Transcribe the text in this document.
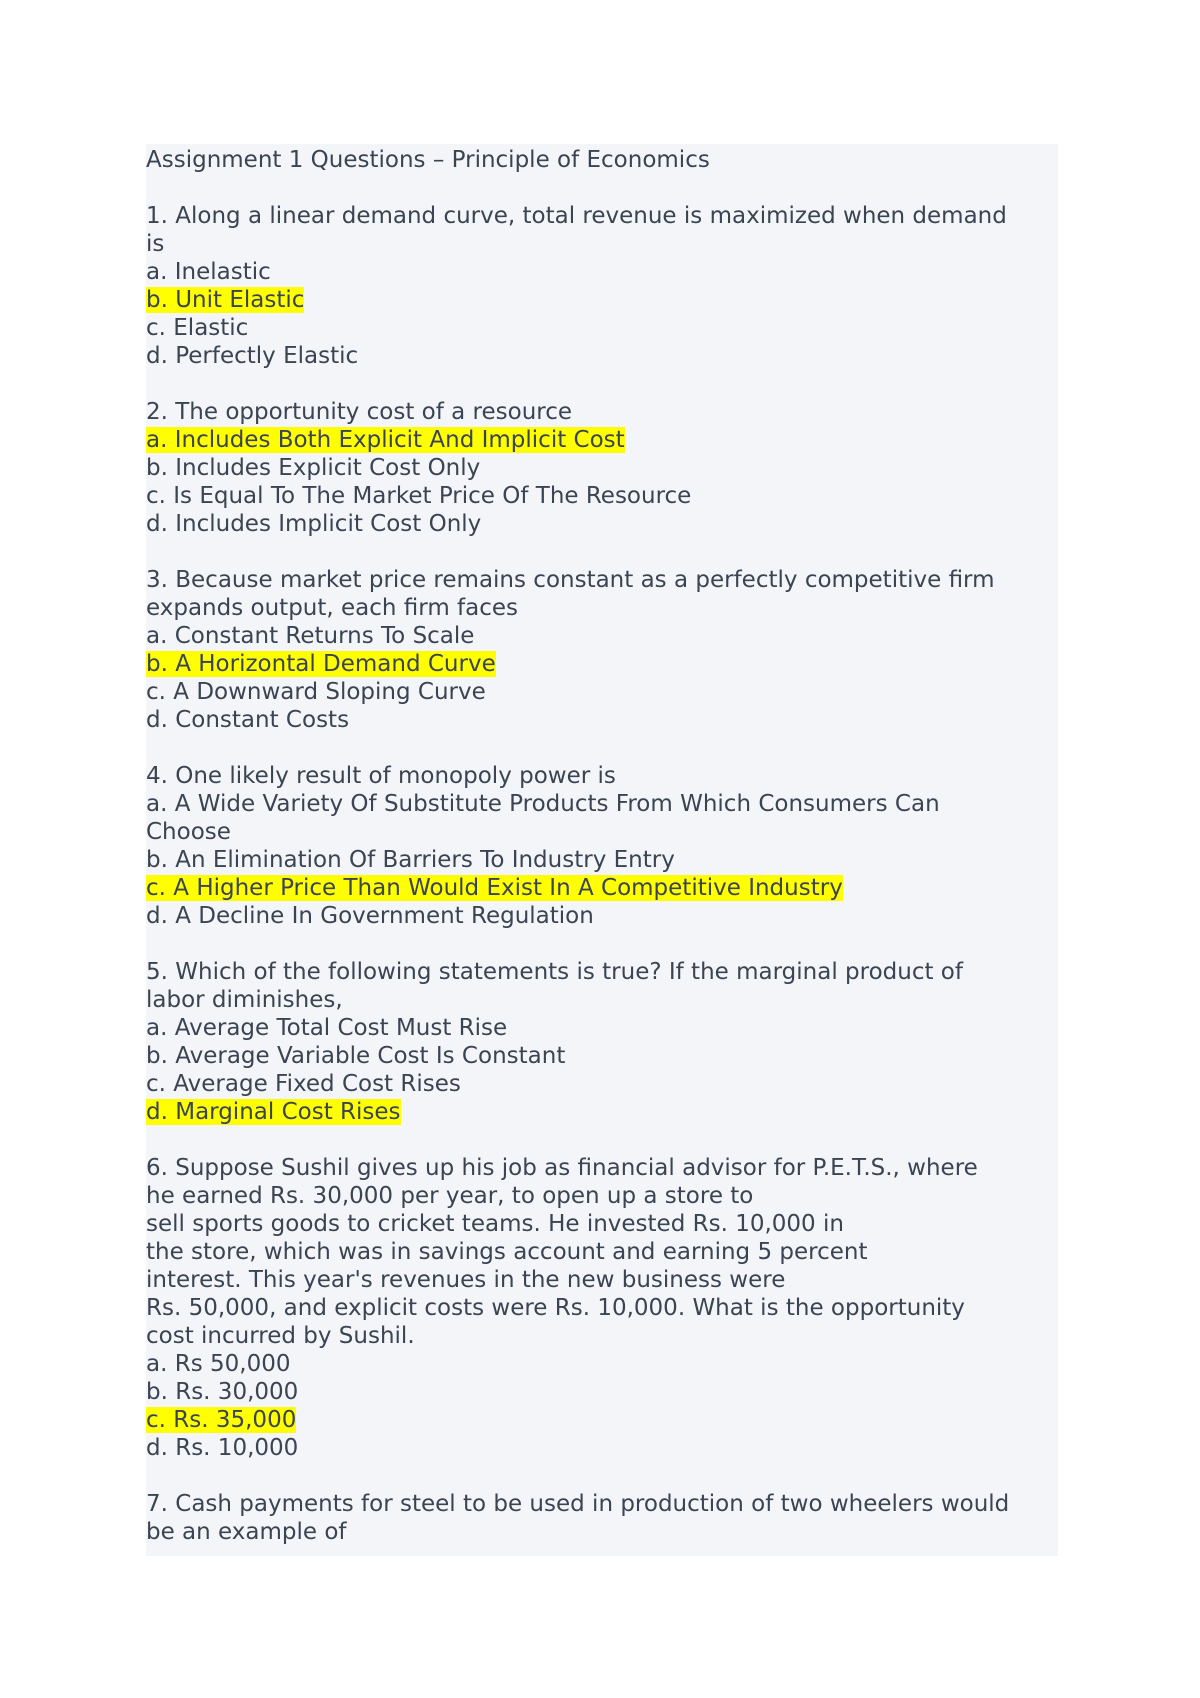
Assignment 1 Questions – Principle of Economics
1. Along a linear demand curve, total revenue is maximized when demand
is
a. Inelastic
b. Unit Elastic
c. Elastic
d. Perfectly Elastic
2. The opportunity cost of a resource
a. Includes Both Explicit And Implicit Cost
b. Includes Explicit Cost Only
c. Is Equal To The Market Price Of The Resource
d. Includes Implicit Cost Only
3. Because market price remains constant as a perfectly competitive firm
expands output, each firm faces
a. Constant Returns To Scale
b. A Horizontal Demand Curve
c. A Downward Sloping Curve
d. Constant Costs
4. One likely result of monopoly power is
a. A Wide Variety Of Substitute Products From Which Consumers Can
Choose
b. An Elimination Of Barriers To Industry Entry
c. A Higher Price Than Would Exist In A Competitive Industry
d. A Decline In Government Regulation
5. Which of the following statements is true? If the marginal product of
labor diminishes,
a. Average Total Cost Must Rise
b. Average Variable Cost Is Constant
c. Average Fixed Cost Rises
d. Marginal Cost Rises
6. Suppose Sushil gives up his job as financial advisor for P.E.T.S., where
he earned Rs. 30,000 per year, to open up a store to
sell sports goods to cricket teams. He invested Rs. 10,000 in
the store, which was in savings account and earning 5 percent
interest. This year's revenues in the new business were
Rs. 50,000, and explicit costs were Rs. 10,000. What is the opportunity
cost incurred by Sushil.
a. Rs 50,000
b. Rs. 30,000
c. Rs. 35,000
d. Rs. 10,000
7. Cash payments for steel to be used in production of two wheelers would
be an example of
